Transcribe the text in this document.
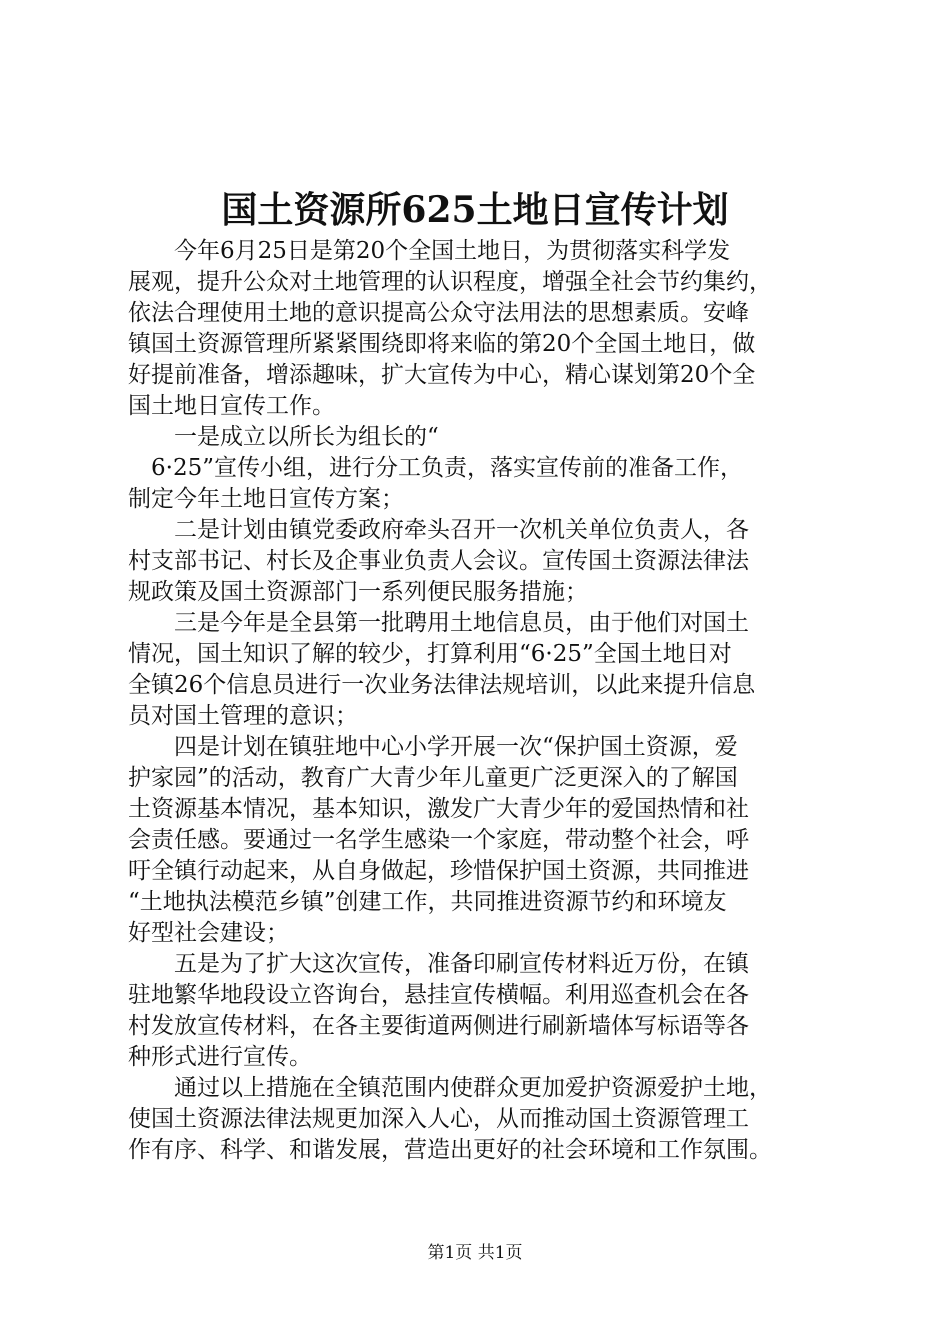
国土资源所625土地日宣传计划
　　今年6月25日是第20个全国土地日，为贯彻落实科学发
展观，提升公众对土地管理的认识程度，增强全社会节约集约，
依法合理使用土地的意识提高公众守法用法的思想素质。安峰
镇国土资源管理所紧紧围绕即将来临的第20个全国土地日，做
好提前准备，增添趣味，扩大宣传为中心，精心谋划第20个全
国土地日宣传工作。
　　一是成立以所长为组长的“
　6·25”宣传小组，进行分工负责，落实宣传前的准备工作，
制定今年土地日宣传方案；
　　二是计划由镇党委政府牵头召开一次机关单位负责人，各
村支部书记、村长及企事业负责人会议。宣传国土资源法律法
规政策及国土资源部门一系列便民服务措施；
　　三是今年是全县第一批聘用土地信息员，由于他们对国土
情况，国土知识了解的较少，打算利用“6·25”全国土地日对
全镇26个信息员进行一次业务法律法规培训，以此来提升信息
员对国土管理的意识；
　　四是计划在镇驻地中心小学开展一次“保护国土资源，爱
护家园”的活动，教育广大青少年儿童更广泛更深入的了解国
土资源基本情况，基本知识，激发广大青少年的爱国热情和社
会责任感。要通过一名学生感染一个家庭，带动整个社会，呼
吁全镇行动起来，从自身做起，珍惜保护国土资源，共同推进
“土地执法模范乡镇”创建工作，共同推进资源节约和环境友
好型社会建设；
　　五是为了扩大这次宣传，准备印刷宣传材料近万份，在镇
驻地繁华地段设立咨询台，悬挂宣传横幅。利用巡查机会在各
村发放宣传材料，在各主要街道两侧进行刷新墙体写标语等各
种形式进行宣传。
　　通过以上措施在全镇范围内使群众更加爱护资源爱护土地，
使国土资源法律法规更加深入人心，从而推动国土资源管理工
作有序、科学、和谐发展，营造出更好的社会环境和工作氛围。
第1页 共1页
